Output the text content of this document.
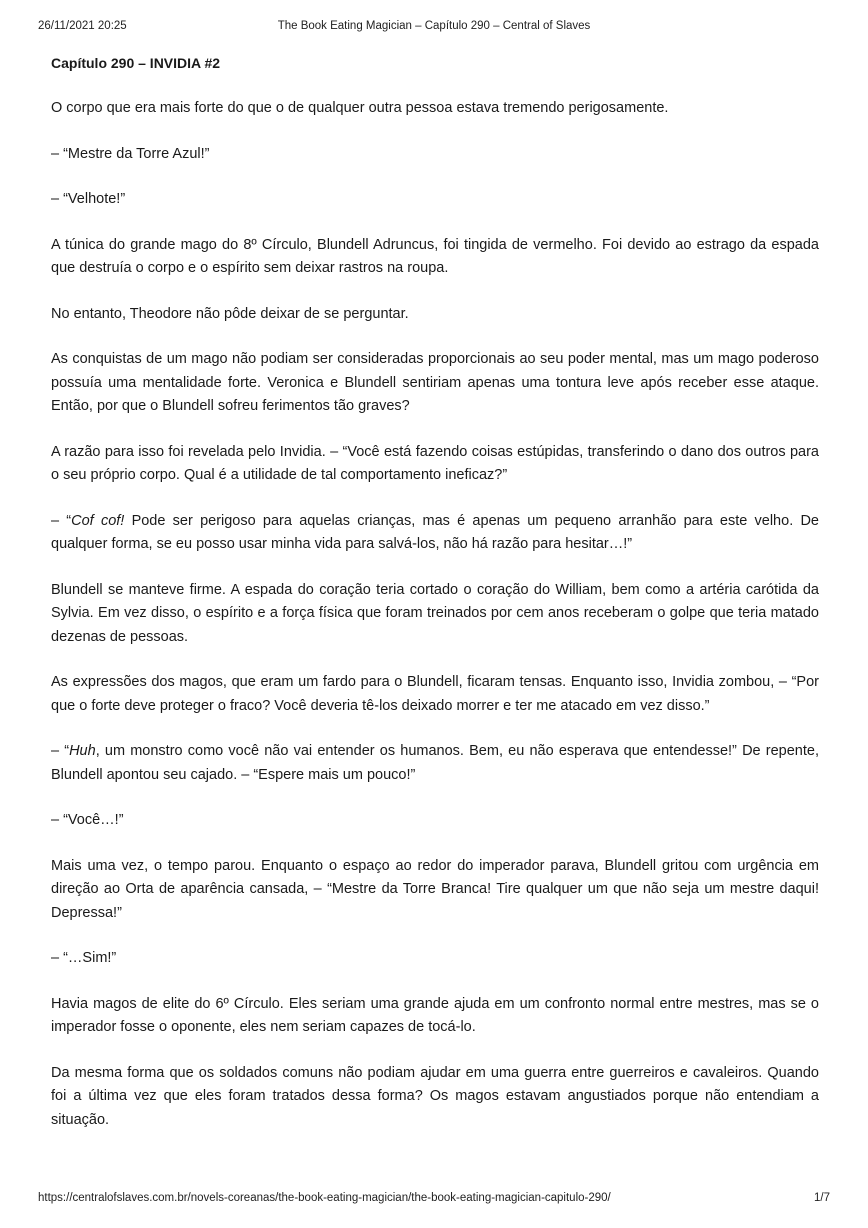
26/11/2021 20:25	The Book Eating Magician – Capítulo 290 – Central of Slaves
Capítulo 290 – INVIDIA #2
O corpo que era mais forte do que o de qualquer outra pessoa estava tremendo perigosamente.
– “Mestre da Torre Azul!”
– “Velhote!”
A túnica do grande mago do 8º Círculo, Blundell Adruncus, foi tingida de vermelho. Foi devido ao estrago da espada que destruía o corpo e o espírito sem deixar rastros na roupa.
No entanto, Theodore não pôde deixar de se perguntar.
As conquistas de um mago não podiam ser consideradas proporcionais ao seu poder mental, mas um mago poderoso possuía uma mentalidade forte. Veronica e Blundell sentiriam apenas uma tontura leve após receber esse ataque. Então, por que o Blundell sofreu ferimentos tão graves?
A razão para isso foi revelada pelo Invidia. – “Você está fazendo coisas estúpidas, transferindo o dano dos outros para o seu próprio corpo. Qual é a utilidade de tal comportamento ineficaz?”
– “Cof cof! Pode ser perigoso para aquelas crianças, mas é apenas um pequeno arranhão para este velho. De qualquer forma, se eu posso usar minha vida para salvá-los, não há razão para hesitar…!”
Blundell se manteve firme. A espada do coração teria cortado o coração do William, bem como a artéria carótida da Sylvia. Em vez disso, o espírito e a força física que foram treinados por cem anos receberam o golpe que teria matado dezenas de pessoas.
As expressões dos magos, que eram um fardo para o Blundell, ficaram tensas. Enquanto isso, Invidia zombou, – “Por que o forte deve proteger o fraco? Você deveria tê-los deixado morrer e ter me atacado em vez disso.”
– “Huh, um monstro como você não vai entender os humanos. Bem, eu não esperava que entendesse!” De repente, Blundell apontou seu cajado. – “Espere mais um pouco!”
– “Você…!”
Mais uma vez, o tempo parou. Enquanto o espaço ao redor do imperador parava, Blundell gritou com urgência em direção ao Orta de aparência cansada, – “Mestre da Torre Branca! Tire qualquer um que não seja um mestre daqui! Depressa!”
– “…Sim!”
Havia magos de elite do 6º Círculo. Eles seriam uma grande ajuda em um confronto normal entre mestres, mas se o imperador fosse o oponente, eles nem seriam capazes de tocá-lo.
Da mesma forma que os soldados comuns não podiam ajudar em uma guerra entre guerreiros e cavaleiros. Quando foi a última vez que eles foram tratados dessa forma? Os magos estavam angustiados porque não entendiam a situação.
https://centralofslaves.com.br/novels-coreanas/the-book-eating-magician/the-book-eating-magician-capitulo-290/	1/7
